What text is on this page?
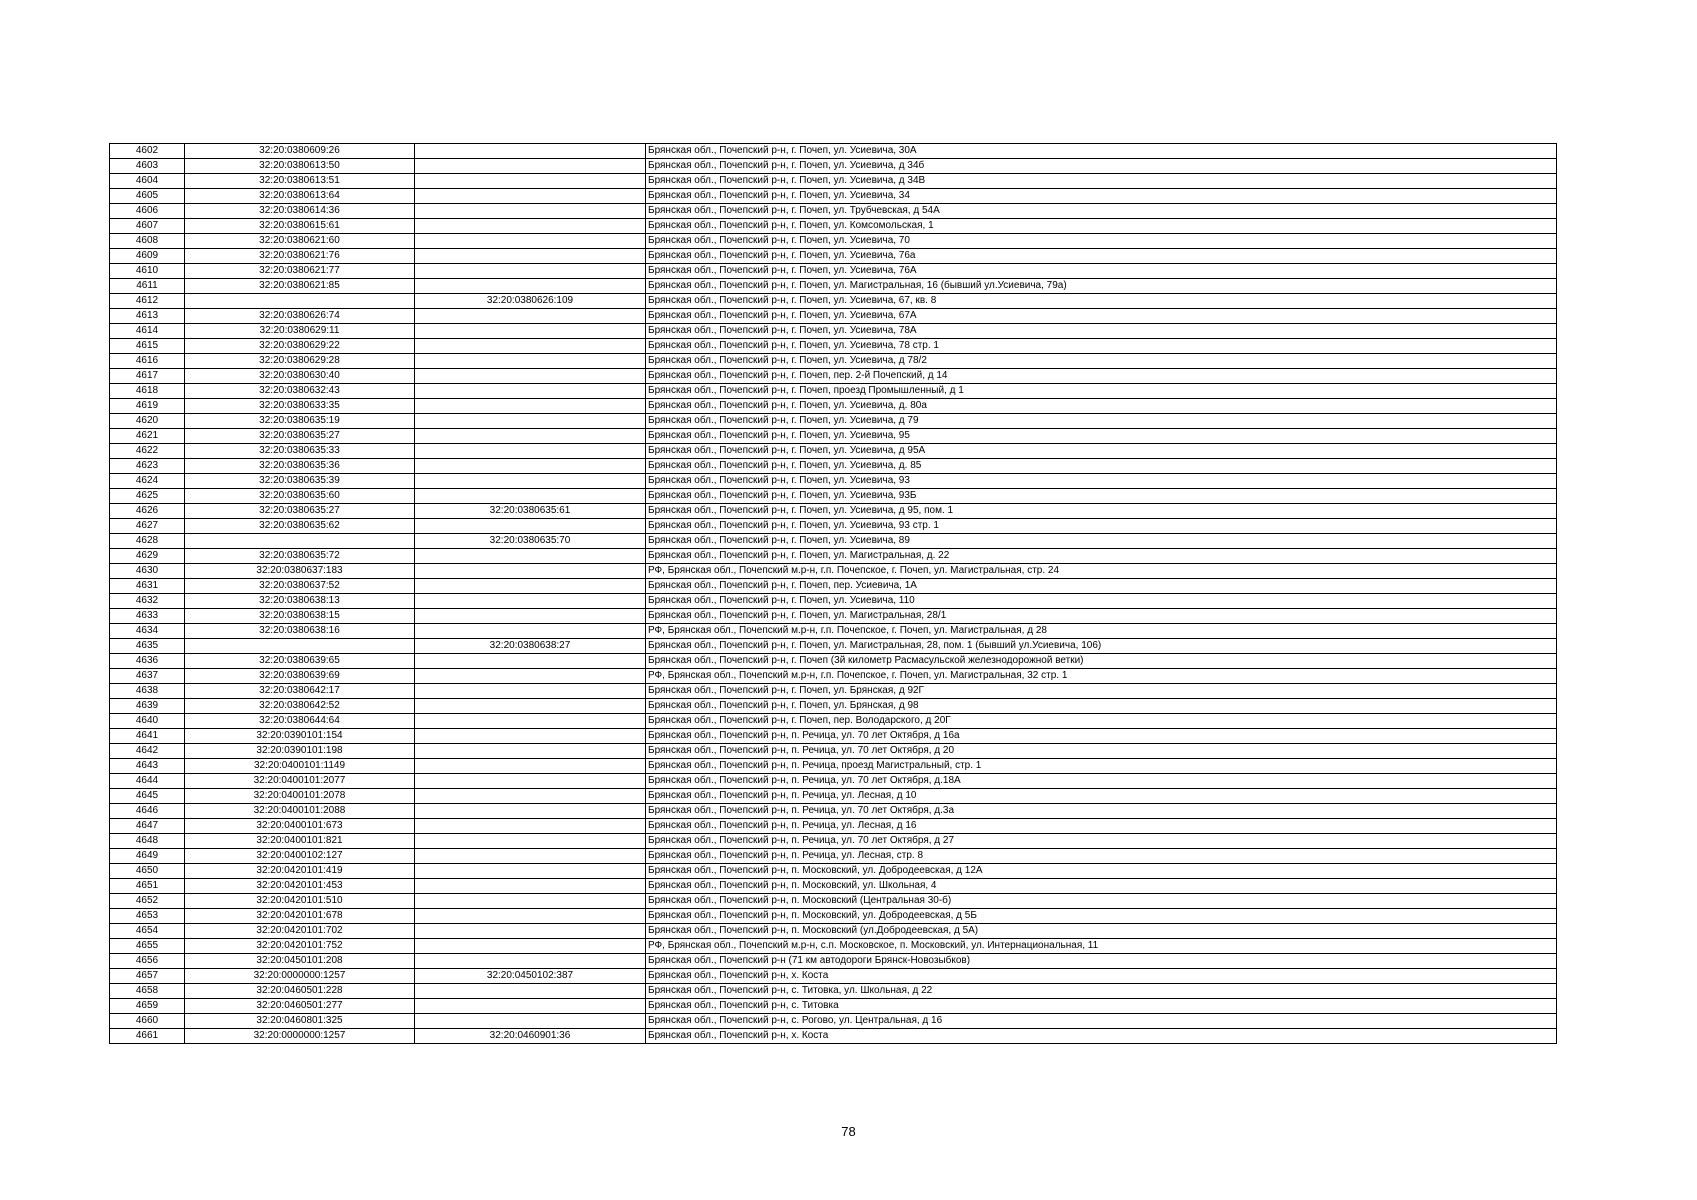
4602	32:20:0380609:26		Брянская обл., Почепский р-н, г. Почеп, ул. Усиевича, 30А
4603	32:20:0380613:50		Брянская обл., Почепский р-н, г. Почеп, ул. Усиевича, д 34б
4604	32:20:0380613:51		Брянская обл., Почепский р-н, г. Почеп, ул. Усиевича, д 34В
4605	32:20:0380613:64		Брянская обл., Почепский р-н, г. Почеп, ул. Усиевича, 34
4606	32:20:0380614:36		Брянская обл., Почепский р-н, г. Почеп, ул. Трубчевская, д 54А
4607	32:20:0380615:61		Брянская обл., Почепский р-н, г. Почеп, ул. Комсомольская, 1
4608	32:20:0380621:60		Брянская обл., Почепский р-н, г. Почеп, ул. Усиевича, 70
4609	32:20:0380621:76		Брянская обл., Почепский р-н, г. Почеп, ул. Усиевича, 76а
4610	32:20:0380621:77		Брянская обл., Почепский р-н, г. Почеп, ул. Усиевича, 76А
4611	32:20:0380621:85		Брянская обл., Почепский р-н, г. Почеп, ул. Магистральная, 16 (бывший ул.Усиевича, 79а)
4612		32:20:0380626:109	Брянская обл., Почепский р-н, г. Почеп, ул. Усиевича, 67, кв. 8
4613	32:20:0380626:74		Брянская обл., Почепский р-н, г. Почеп, ул. Усиевича, 67А
4614	32:20:0380629:11		Брянская обл., Почепский р-н, г. Почеп, ул. Усиевича, 78А
4615	32:20:0380629:22		Брянская обл., Почепский р-н, г. Почеп, ул. Усиевича, 78 стр. 1
4616	32:20:0380629:28		Брянская обл., Почепский р-н, г. Почеп, ул. Усиевича, д 78/2
4617	32:20:0380630:40		Брянская обл., Почепский р-н, г. Почеп, пер. 2-й Почепский, д 14
4618	32:20:0380632:43		Брянская обл., Почепский р-н, г. Почеп, проезд Промышленный, д 1
4619	32:20:0380633:35		Брянская обл., Почепский р-н, г. Почеп, ул. Усиевича, д. 80а
4620	32:20:0380635:19		Брянская обл., Почепский р-н, г. Почеп, ул. Усиевича, д 79
4621	32:20:0380635:27		Брянская обл., Почепский р-н, г. Почеп, ул. Усиевича, 95
4622	32:20:0380635:33		Брянская обл., Почепский р-н, г. Почеп, ул. Усиевича, д 95А
4623	32:20:0380635:36		Брянская обл., Почепский р-н, г. Почеп, ул. Усиевича, д. 85
4624	32:20:0380635:39		Брянская обл., Почепский р-н, г. Почеп, ул. Усиевича, 93
4625	32:20:0380635:60		Брянская обл., Почепский р-н, г. Почеп, ул. Усиевича, 93Б
4626	32:20:0380635:27	32:20:0380635:61	Брянская обл., Почепский р-н, г. Почеп, ул. Усиевича, д 95, пом. 1
4627	32:20:0380635:62		Брянская обл., Почепский р-н, г. Почеп, ул. Усиевича, 93 стр. 1
4628		32:20:0380635:70	Брянская обл., Почепский р-н, г. Почеп, ул. Усиевича, 89
4629	32:20:0380635:72		Брянская обл., Почепский р-н, г. Почеп, ул. Магистральная, д. 22
4630	32:20:0380637:183		РФ, Брянская обл., Почепский м.р-н, г.п. Почепское, г. Почеп, ул. Магистральная, стр. 24
4631	32:20:0380637:52		Брянская обл., Почепский р-н, г. Почеп, пер. Усиевича, 1А
4632	32:20:0380638:13		Брянская обл., Почепский р-н, г. Почеп, ул. Усиевича, 110
4633	32:20:0380638:15		Брянская обл., Почепский р-н, г. Почеп, ул. Магистральная, 28/1
4634	32:20:0380638:16		РФ, Брянская обл., Почепский м.р-н, г.п. Почепское, г. Почеп, ул. Магистральная, д 28
4635		32:20:0380638:27	Брянская обл., Почепский р-н, г. Почеп, ул. Магистральная, 28, пом. 1 (бывший ул.Усиевича, 106)
4636	32:20:0380639:65		Брянская обл., Почепский р-н, г. Почеп (3й километр Расмасульской железнодорожной ветки)
4637	32:20:0380639:69		РФ, Брянская обл., Почепский м.р-н, г.п. Почепское, г. Почеп, ул. Магистральная, 32 стр. 1
4638	32:20:0380642:17		Брянская обл., Почепский р-н, г. Почеп, ул. Брянская, д 92Г
4639	32:20:0380642:52		Брянская обл., Почепский р-н, г. Почеп, ул. Брянская, д 98
4640	32:20:0380644:64		Брянская обл., Почепский р-н, г. Почеп, пер. Володарского, д 20Г
4641	32:20:0390101:154		Брянская обл., Почепский р-н, п. Речица, ул. 70 лет Октября, д 16а
4642	32:20:0390101:198		Брянская обл., Почепский р-н, п. Речица, ул. 70 лет Октября, д 20
4643	32:20:0400101:1149		Брянская обл., Почепский р-н, п. Речица, проезд Магистральный, стр. 1
4644	32:20:0400101:2077		Брянская обл., Почепский р-н, п. Речица, ул. 70 лет Октября, д.18А
4645	32:20:0400101:2078		Брянская обл., Почепский р-н, п. Речица, ул. Лесная, д 10
4646	32:20:0400101:2088		Брянская обл., Почепский р-н, п. Речица, ул. 70 лет Октября, д.3а
4647	32:20:0400101:673		Брянская обл., Почепский р-н, п. Речица, ул. Лесная, д 16
4648	32:20:0400101:821		Брянская обл., Почепский р-н, п. Речица, ул. 70 лет Октября, д 27
4649	32:20:0400102:127		Брянская обл., Почепский р-н, п. Речица, ул. Лесная, стр. 8
4650	32:20:0420101:419		Брянская обл., Почепский р-н, п. Московский, ул. Добродеевская, д 12А
4651	32:20:0420101:453		Брянская обл., Почепский р-н, п. Московский, ул. Школьная, 4
4652	32:20:0420101:510		Брянская обл., Почепский р-н, п. Московский (Центральная 30-б)
4653	32:20:0420101:678		Брянская обл., Почепский р-н, п. Московский, ул. Добродеевская, д 5Б
4654	32:20:0420101:702		Брянская обл., Почепский р-н, п. Московский (ул.Добродеевская, д 5А)
4655	32:20:0420101:752		РФ, Брянская обл., Почепский м.р-н, с.п. Московское, п. Московский, ул. Интернациональная, 11
4656	32:20:0450101:208		Брянская обл., Почепский р-н (71 км автодороги Брянск-Новозыбков)
4657	32:20:0000000:1257	32:20:0450102:387	Брянская обл., Почепский р-н, х. Коста
4658	32:20:0460501:228		Брянская обл., Почепский р-н, с. Титовка, ул. Школьная, д 22
4659	32:20:0460501:277		Брянская обл., Почепский р-н, с. Титовка
4660	32:20:0460801:325		Брянская обл., Почепский р-н, с. Рогово, ул. Центральная, д 16
4661	32:20:0000000:1257	32:20:0460901:36	Брянская обл., Почепский р-н, х. Коста
78
